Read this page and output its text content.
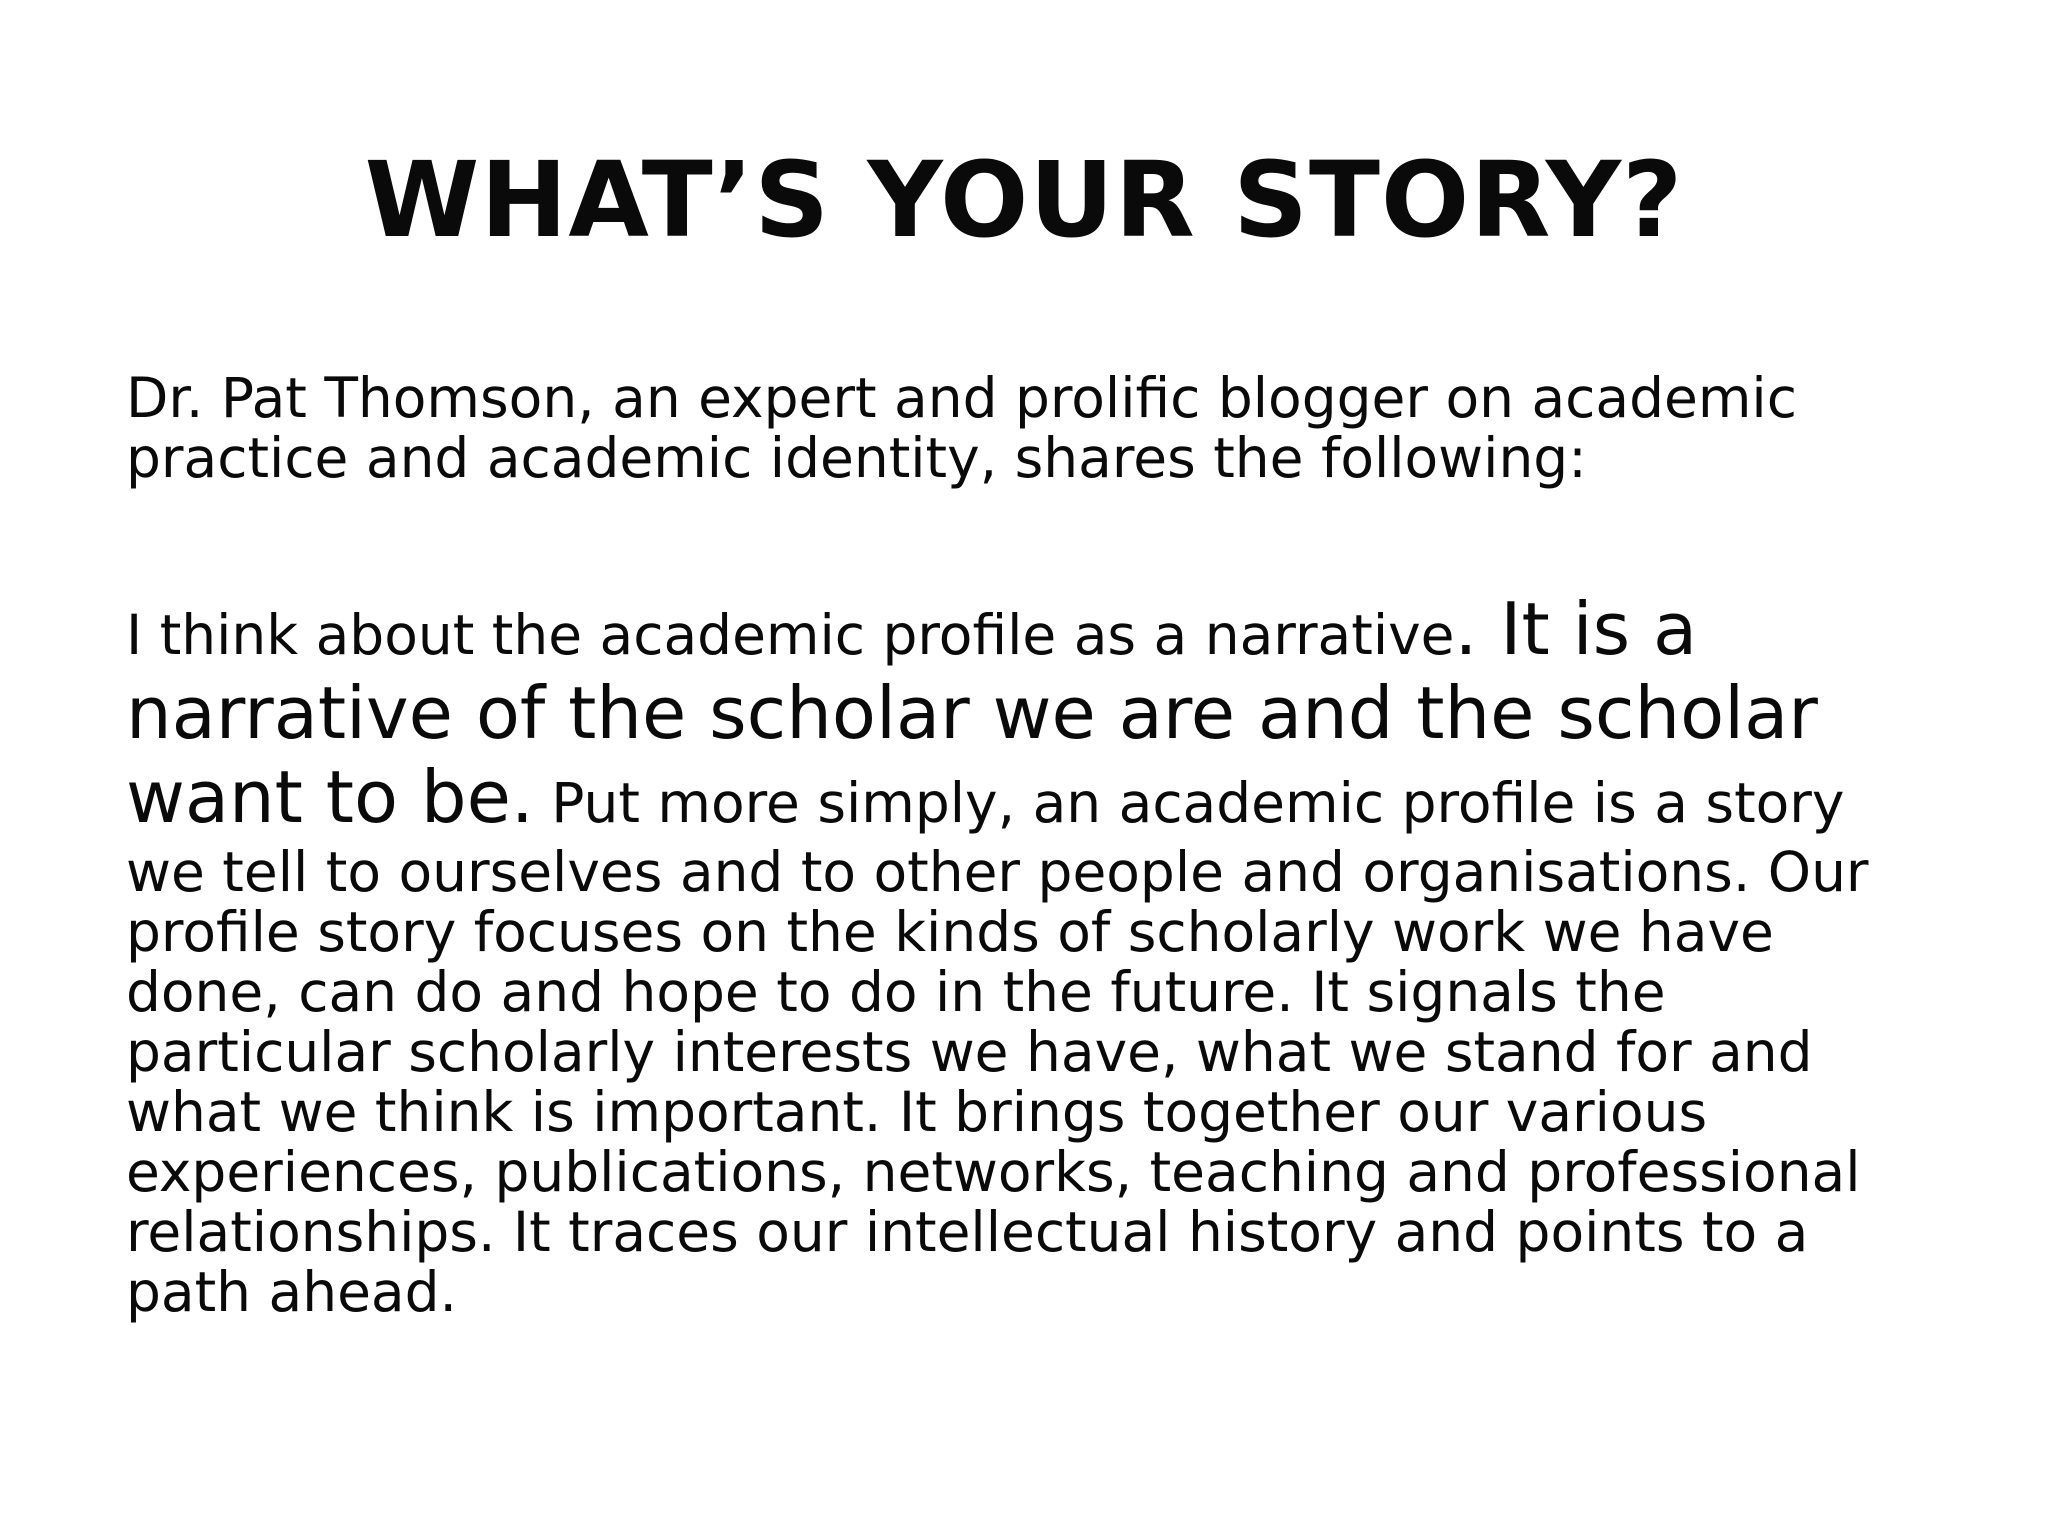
WHAT’S YOUR STORY?
Dr. Pat Thomson, an expert and prolific blogger on academic
practice and academic identity, shares the following:
I think about the academic profile as a narrative. It is a
narrative of the scholar we are and the scholar
want to be. Put more simply, an academic profile is a story
we tell to ourselves and to other people and organisations. Our
profile story focuses on the kinds of scholarly work we have
done, can do and hope to do in the future. It signals the
particular scholarly interests we have, what we stand for and
what we think is important. It brings together our various
experiences, publications, networks, teaching and professional
relationships. It traces our intellectual history and points to a
path ahead.
